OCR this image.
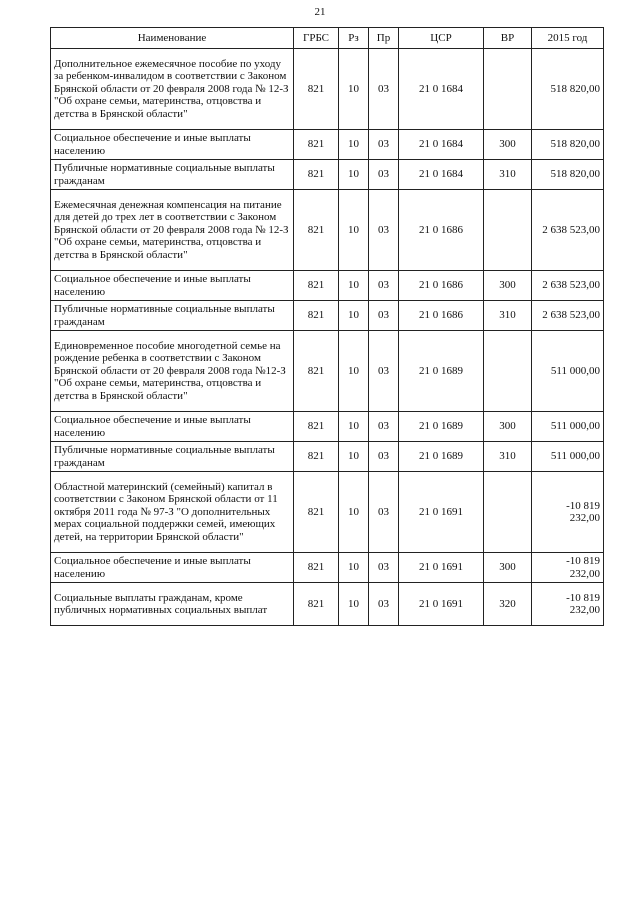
21
Наименование	ГРБС	Рз	Пр	ЦСР	ВР	2015 год
Дополнительное ежемесячное пособие по уходу за ребенком-инвалидом в соответствии с Законом Брянской области от 20 февраля 2008 года № 12-З "Об охране семьи, материнства, отцовства и детства в Брянской области"	821	10	03	21 0 1684		518 820,00
Социальное обеспечение и иные выплаты населению	821	10	03	21 0 1684	300	518 820,00
Публичные нормативные социальные выплаты гражданам	821	10	03	21 0 1684	310	518 820,00
Ежемесячная денежная компенсация на питание для детей до трех лет в соответствии с Законом Брянской области от 20 февраля 2008 года № 12-З "Об охране семьи, материнства, отцовства и детства в Брянской области"	821	10	03	21 0 1686		2 638 523,00
Социальное обеспечение и иные выплаты населению	821	10	03	21 0 1686	300	2 638 523,00
Публичные нормативные социальные выплаты гражданам	821	10	03	21 0 1686	310	2 638 523,00
Единовременное пособие многодетной семье на рождение ребенка в соответствии с Законом Брянской области от 20 февраля 2008 года №12-З "Об охране семьи, материнства, отцовства и детства в Брянской области"	821	10	03	21 0 1689		511 000,00
Социальное обеспечение и иные выплаты населению	821	10	03	21 0 1689	300	511 000,00
Публичные нормативные социальные выплаты гражданам	821	10	03	21 0 1689	310	511 000,00
Областной материнский (семейный) капитал в соответствии с Законом Брянской области от 11 октября 2011 года № 97-З "О дополнительных мерах социальной поддержки семей, имеющих детей, на территории Брянской области"	821	10	03	21 0 1691		-10 819 232,00
Социальное обеспечение и иные выплаты населению	821	10	03	21 0 1691	300	-10 819 232,00
Социальные выплаты гражданам, кроме публичных нормативных социальных выплат	821	10	03	21 0 1691	320	-10 819 232,00
